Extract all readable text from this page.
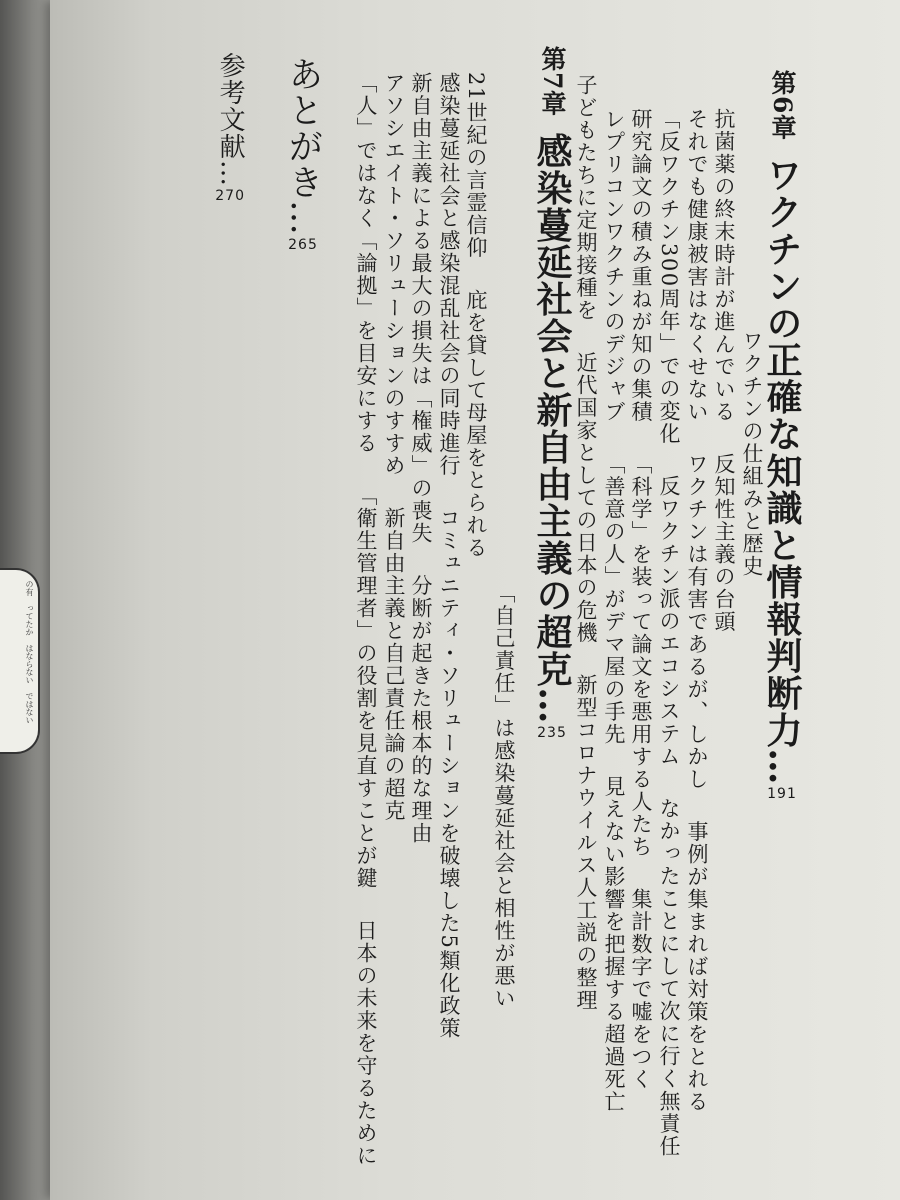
の有　ってたか　はならない　ではない
第6章ワクチンの正確な知識と情報判断力…191
ワクチンの仕組みと歴史
抗菌薬の終末時計が進んでいる反知性主義の台頭
それでも健康被害はなくせないワクチンは有害であるが、しかし事例が集まれば対策をとれる
「反ワクチン300周年」での変化反ワクチン派のエコシステムなかったことにして次に行く無責任
研究論文の積み重ねが知の集積「科学」を装って論文を悪用する人たち集計数字で嘘をつく
レプリコンワクチンのデジャブ「善意の人」がデマ屋の手先見えない影響を把握する超過死亡
子どもたちに定期接種を近代国家としての日本の危機新型コロナウイルス人工説の整理
第7章感染蔓延社会と新自由主義の超克…235
「自己責任」は感染蔓延社会と相性が悪い
21世紀の言霊信仰庇を貸して母屋をとられる
感染蔓延社会と感染混乱社会の同時進行コミュニティ・ソリューションを破壊した5類化政策
新自由主義による最大の損失は「権威」の喪失分断が起きた根本的な理由
アソシエイト・ソリューションのすすめ新自由主義と自己責任論の超克
「人」ではなく「論拠」を目安にする「衛生管理者」の役割を見直すことが鍵日本の未来を守るために
あとがき…265
参考文献…270
